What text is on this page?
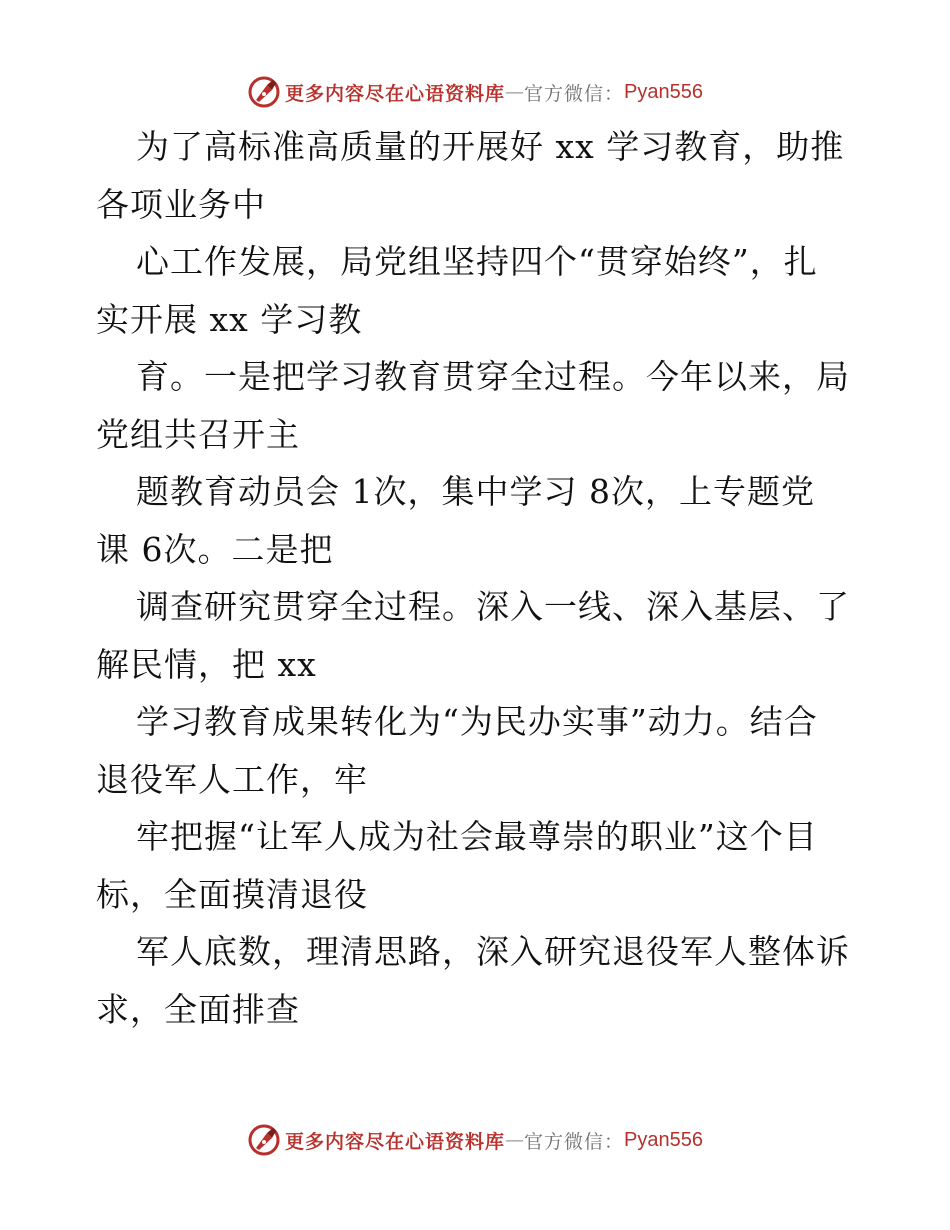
更多内容尽在心语资料库 — 官方微信： Pyan556
为了高标准高质量的开展好 xx 学习教育，助推
各项业务中
心工作发展，局党组坚持四个“贯穿始终”，扎
实开展 xx 学习教
育。一是把学习教育贯穿全过程。今年以来，局
党组共召开主
题教育动员会 1次，集中学习 8次，上专题党
课 6次。二是把
调查研究贯穿全过程。深入一线、深入基层、了
解民情，把 xx
学习教育成果转化为“为民办实事”动力。结合
退役军人工作，牢
牢把握“让军人成为社会最尊崇的职业”这个目
标，全面摸清退役
军人底数，理清思路，深入研究退役军人整体诉
求，全面排查
更多内容尽在心语资料库 — 官方微信： Pyan556
